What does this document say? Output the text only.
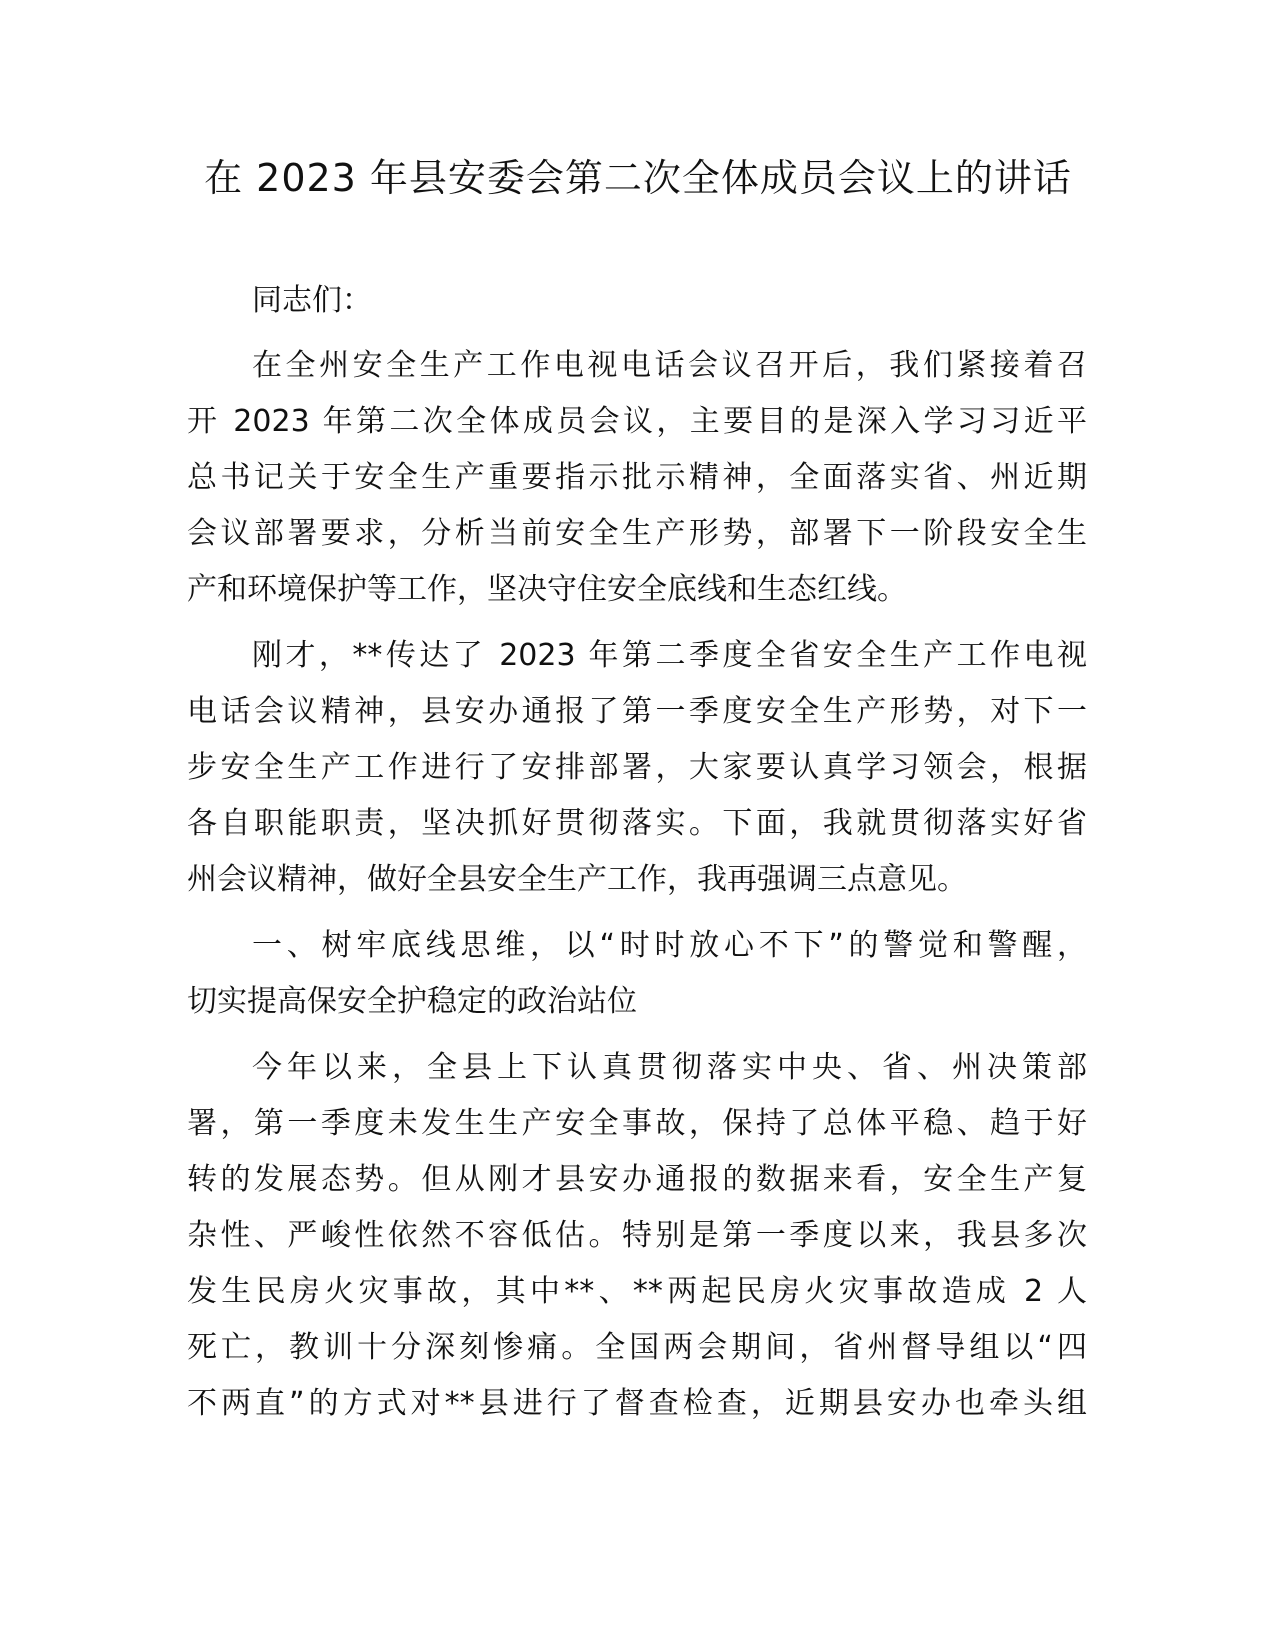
在 2023 年县安委会第二次全体成员会议上的讲话

同志们：

在全州安全生产工作电视电话会议召开后，我们紧接着召

开 2023 年第二次全体成员会议，主要目的是深入学习习近平

总书记关于安全生产重要指示批示精神，全面落实省、州近期

会议部署要求，分析当前安全生产形势，部署下一阶段安全生

产和环境保护等工作，坚决守住安全底线和生态红线。

刚才，**传达了 2023 年第二季度全省安全生产工作电视

电话会议精神，县安办通报了第一季度安全生产形势，对下一

步安全生产工作进行了安排部署，大家要认真学习领会，根据

各自职能职责，坚决抓好贯彻落实。下面，我就贯彻落实好省

州会议精神，做好全县安全生产工作，我再强调三点意见。

一、树牢底线思维，以“时时放心不下”的警觉和警醒，

切实提高保安全护稳定的政治站位

今年以来，全县上下认真贯彻落实中央、省、州决策部

署，第一季度未发生生产安全事故，保持了总体平稳、趋于好

转的发展态势。但从刚才县安办通报的数据来看，安全生产复

杂性、严峻性依然不容低估。特别是第一季度以来，我县多次

发生民房火灾事故，其中**、**两起民房火灾事故造成 2 人

死亡，教训十分深刻惨痛。全国两会期间，省州督导组以“四

不两直”的方式对**县进行了督查检查，近期县安办也牵头组
